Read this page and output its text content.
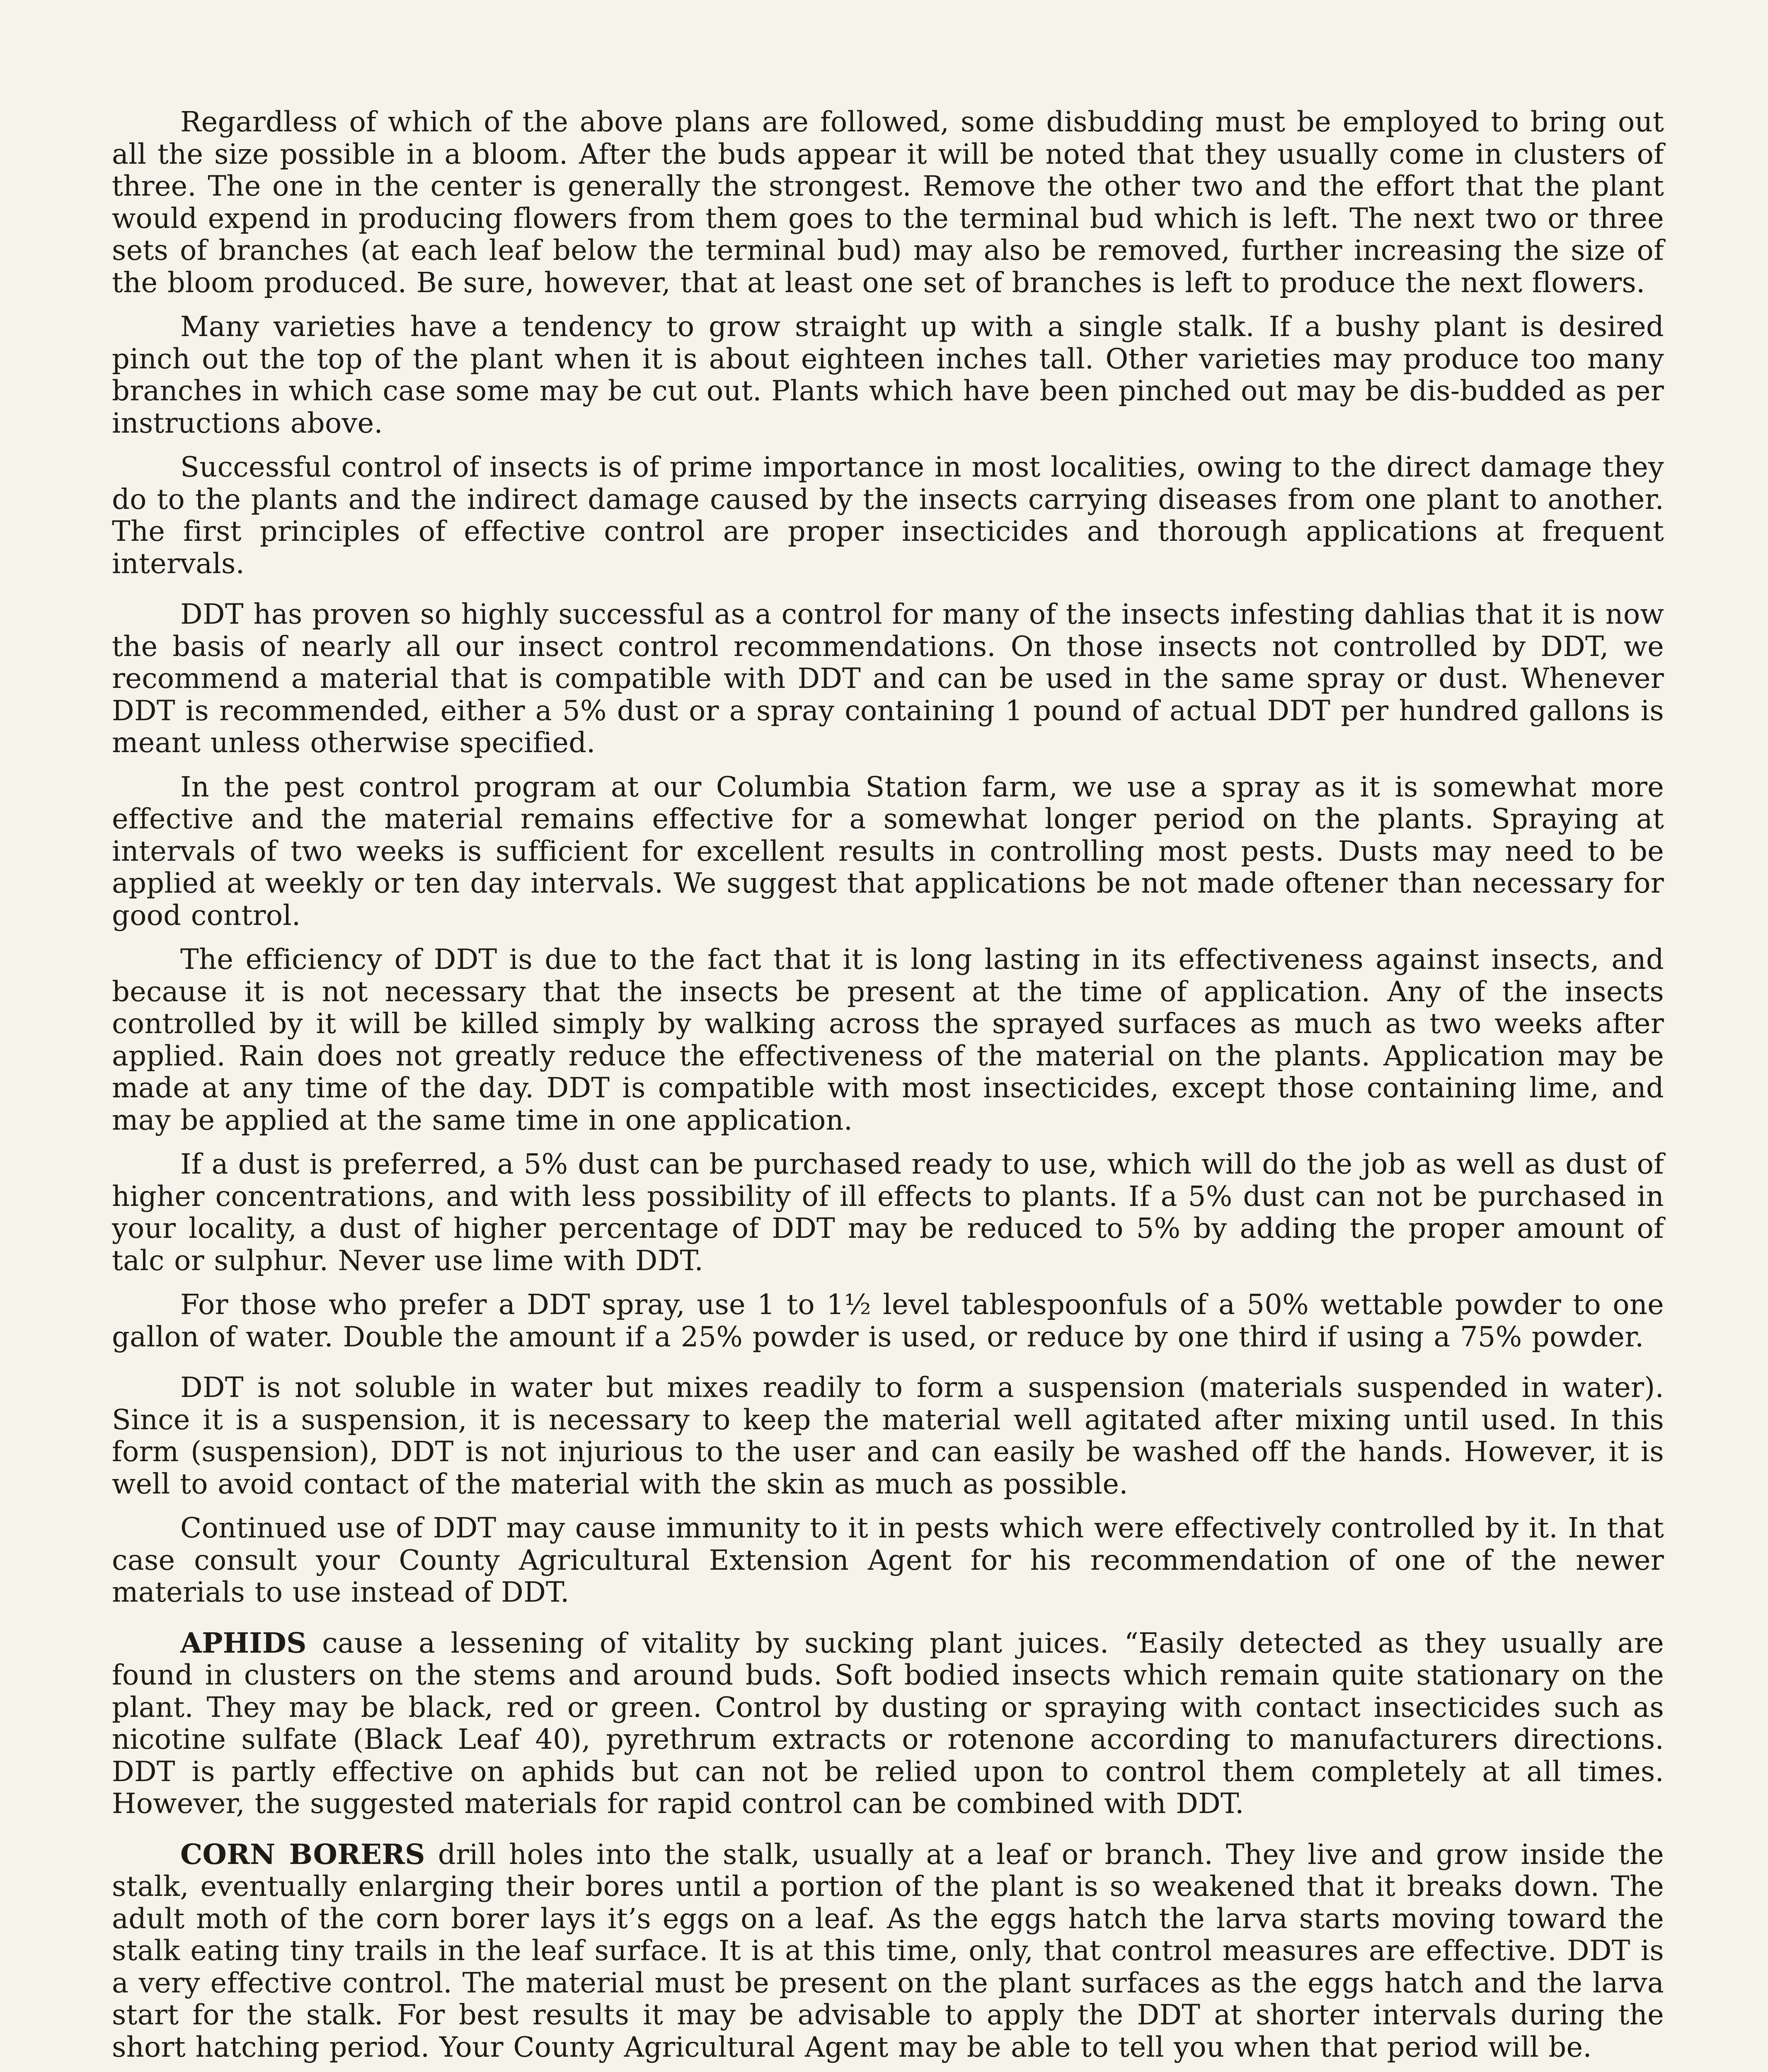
Regardless of which of the above plans are followed, some disbudding must be employed to bring out all the size possible in a bloom. After the buds appear it will be noted that they usually come in clusters of three. The one in the center is generally the strongest. Remove the other two and the effort that the plant would expend in producing flowers from them goes to the terminal bud which is left. The next two or three sets of branches (at each leaf below the terminal bud) may also be removed, further increasing the size of the bloom produced. Be sure, however, that at least one set of branches is left to produce the next flowers.

Many varieties have a tendency to grow straight up with a single stalk. If a bushy plant is desired pinch out the top of the plant when it is about eighteen inches tall. Other varieties may produce too many branches in which case some may be cut out. Plants which have been pinched out may be dis-budded as per instructions above.

Successful control of insects is of prime importance in most localities, owing to the direct damage they do to the plants and the indirect damage caused by the insects carrying diseases from one plant to another. The first principles of effective control are proper insecticides and thorough applications at frequent intervals.

DDT has proven so highly successful as a control for many of the insects infesting dahlias that it is now the basis of nearly all our insect control recommendations. On those insects not controlled by DDT, we recommend a material that is compatible with DDT and can be used in the same spray or dust. Whenever DDT is recommended, either a 5% dust or a spray containing 1 pound of actual DDT per hundred gallons is meant unless otherwise specified.

In the pest control program at our Columbia Station farm, we use a spray as it is somewhat more effective and the material remains effective for a somewhat longer period on the plants. Spraying at intervals of two weeks is sufficient for excellent results in controlling most pests. Dusts may need to be applied at weekly or ten day intervals. We suggest that applications be not made oftener than necessary for good control.

The efficiency of DDT is due to the fact that it is long lasting in its effectiveness against insects, and because it is not necessary that the insects be present at the time of application. Any of the insects controlled by it will be killed simply by walking across the sprayed surfaces as much as two weeks after applied. Rain does not greatly reduce the effectiveness of the material on the plants. Application may be made at any time of the day. DDT is compatible with most insecticides, except those containing lime, and may be applied at the same time in one application.

If a dust is preferred, a 5% dust can be purchased ready to use, which will do the job as well as dust of higher concentrations, and with less possibility of ill effects to plants. If a 5% dust can not be purchased in your locality, a dust of higher percentage of DDT may be reduced to 5% by adding the proper amount of talc or sulphur. Never use lime with DDT.

For those who prefer a DDT spray, use 1 to 1½ level tablespoonfuls of a 50% wettable powder to one gallon of water. Double the amount if a 25% powder is used, or reduce by one third if using a 75% powder.

DDT is not soluble in water but mixes readily to form a suspension (materials suspended in water). Since it is a suspension, it is necessary to keep the material well agitated after mixing until used. In this form (suspension), DDT is not injurious to the user and can easily be washed off the hands. However, it is well to avoid contact of the material with the skin as much as possible.

Continued use of DDT may cause immunity to it in pests which were effectively controlled by it. In that case consult your County Agricultural Extension Agent for his recommendation of one of the newer materials to use instead of DDT.

APHIDS cause a lessening of vitality by sucking plant juices. “Easily detected as they usually are found in clusters on the stems and around buds. Soft bodied insects which remain quite stationary on the plant. They may be black, red or green. Control by dusting or spraying with contact insecticides such as nicotine sulfate (Black Leaf 40), pyrethrum extracts or rotenone according to manufacturers directions. DDT is partly effective on aphids but can not be relied upon to control them completely at all times. However, the suggested materials for rapid control can be combined with DDT.

CORN BORERS drill holes into the stalk, usually at a leaf or branch. They live and grow inside the stalk, eventually enlarging their bores until a portion of the plant is so weakened that it breaks down. The adult moth of the corn borer lays it’s eggs on a leaf. As the eggs hatch the larva starts moving toward the stalk eating tiny trails in the leaf surface. It is at this time, only, that control measures are effective. DDT is a very effective control. The material must be present on the plant surfaces as the eggs hatch and the larva start for the stalk. For best results it may be advisable to apply the DDT at shorter intervals during the short hatching period. Your County Agricultural Agent may be able to tell you when that period will be.
